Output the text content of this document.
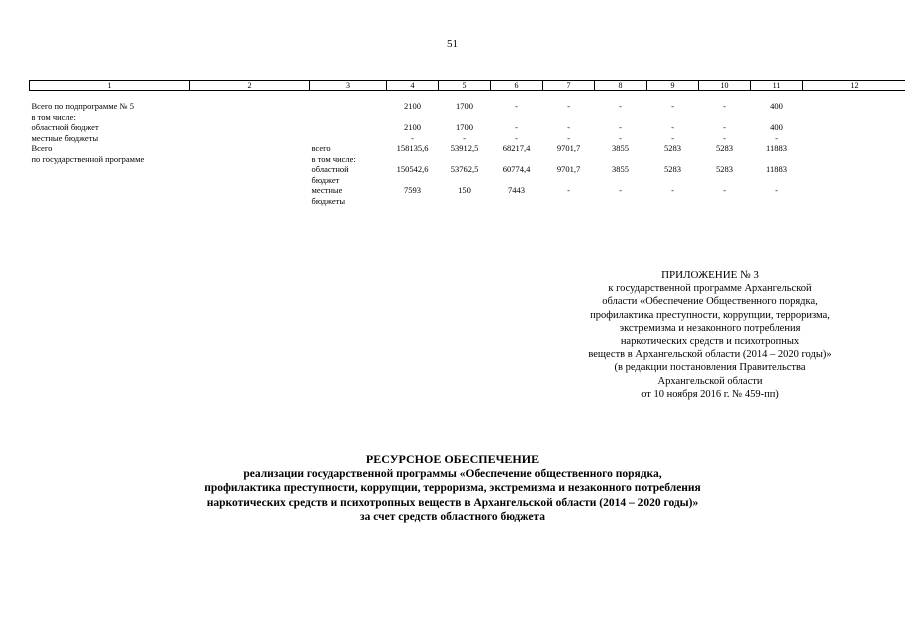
51
1	2	3	4	5	6	7	8	9	10	11	12

Всего по подпрограмме № 5			2100	1700	-	-	-	-	-	400	
в том числе:											
областной бюджет			2100	1700	-	-	-	-	-	400	
местные бюджеты			-	-	-	-	-	-	-	-	
Всего		всего	158135,6	53912,5	68217,4	9701,7	3855	5283	5283	11883	
по государственной программе		в том числе:									
		областной	150542,6	53762,5	60774,4	9701,7	3855	5283	5283	11883	
		бюджет									
		местные	7593	150	7443	-	-	-	-	-	
		бюджеты									
ПРИЛОЖЕНИЕ № 3
к государственной программе Архангельской
области «Обеспечение Общественного порядка,
профилактика преступности, коррупции, терроризма,
экстремизма и незаконного потребления
наркотических средств и психотропных
веществ в Архангельской области (2014 – 2020 годы)»
(в редакции постановления Правительства
Архангельской области
от 10 ноября 2016 г. № 459-пп)
РЕСУРСНОЕ ОБЕСПЕЧЕНИЕ
реализации государственной программы «Обеспечение общественного порядка,
профилактика преступности, коррупции, терроризма, экстремизма и незаконного потребления
наркотических средств и психотропных веществ в Архангельской области (2014 – 2020 годы)»
за счет средств областного бюджета
